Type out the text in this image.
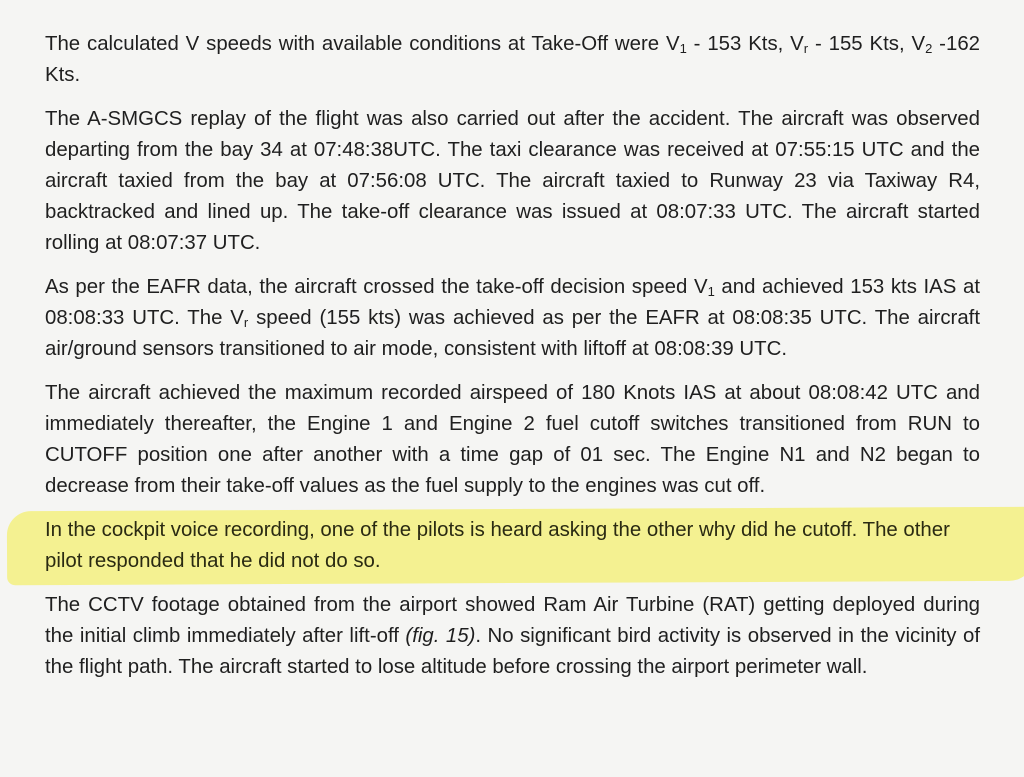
The calculated V speeds with available conditions at Take-Off were $V_1 - 153$ Kts, $V_r - 155$ Kts, $V_2$ -162 Kts.

The A-SMGCS replay of the flight was also carried out after the accident. The aircraft was observed departing from the bay 34 at 07:48:38UTC. The taxi clearance was received at 07:55:15 UTC and the aircraft taxied from the bay at 07:56:08 UTC. The aircraft taxied to Runway 23 via Taxiway R4, backtracked and lined up. The take-off clearance was issued at 08:07:33 UTC. The aircraft started rolling at 08:07:37 UTC.

As per the EAFR data, the aircraft crossed the take-off decision speed $V_1$ and achieved 153 kts IAS at 08:08:33 UTC. The $V_r$ speed (155 kts) was achieved as per the EAFR at 08:08:35 UTC. The aircraft air/ground sensors transitioned to air mode, consistent with liftoff at 08:08:39 UTC.

The aircraft achieved the maximum recorded airspeed of 180 Knots IAS at about 08:08:42 UTC and immediately thereafter, the Engine 1 and Engine 2 fuel cutoff switches transitioned from RUN to CUTOFF position one after another with a time gap of 01 sec. The Engine N1 and N2 began to decrease from their take-off values as the fuel supply to the engines was cut off.

In the cockpit voice recording, one of the pilots is heard asking the other why did he cutoff. The other pilot responded that he did not do so.

The CCTV footage obtained from the airport showed Ram Air Turbine (RAT) getting deployed during the initial climb immediately after lift-off (fig. 15). No significant bird activity is observed in the vicinity of the flight path. The aircraft started to lose altitude before crossing the airport perimeter wall.
